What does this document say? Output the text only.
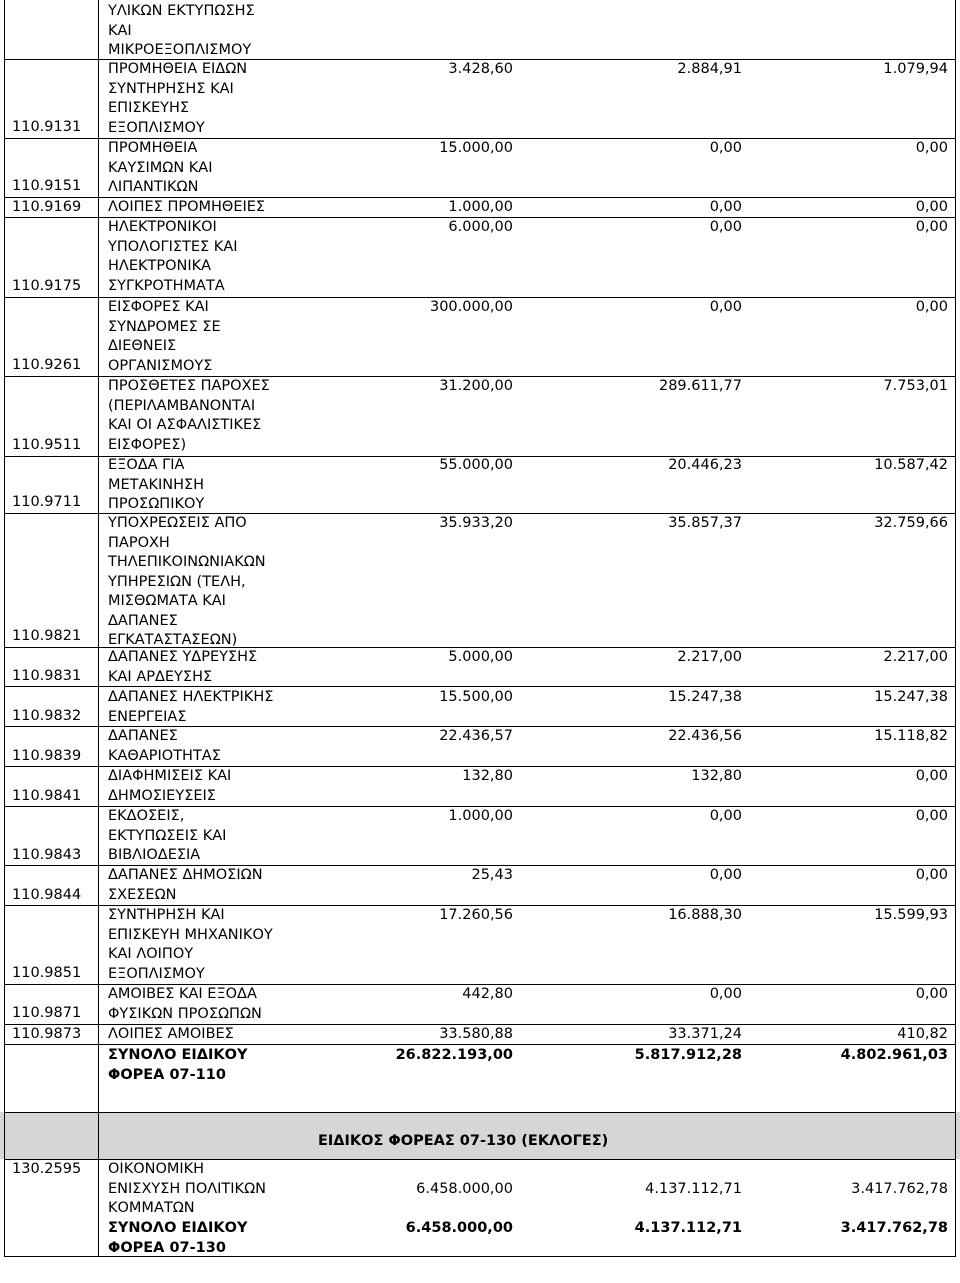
ΥΛΙΚΩΝ ΕΚΤΥΠΩΣΗΣ
ΚΑΙ
ΜΙΚΡΟΕΞΟΠΛΙΣΜΟΥ
110.9131
ΠΡΟΜΗΘΕΙΑ ΕΙΔΩΝ
ΣΥΝΤΗΡΗΣΗΣ ΚΑΙ
ΕΠΙΣΚΕΥΗΣ
ΕΞΟΠΛΙΣΜΟΥ
3.428,60	2.884,91	1.079,94
110.9151
ΠΡΟΜΗΘΕΙΑ
ΚΑΥΣΙΜΩΝ ΚΑΙ
ΛΙΠΑΝΤΙΚΩΝ
15.000,00	0,00	0,00
110.9169 ΛΟΙΠΕΣ ΠΡΟΜΗΘΕΙΕΣ	1.000,00	0,00	0,00
110.9175
ΗΛΕΚΤΡΟΝΙΚΟΙ
ΥΠΟΛΟΓΙΣΤΕΣ ΚΑΙ
ΗΛΕΚΤΡΟΝΙΚΑ
ΣΥΓΚΡΟΤΗΜΑΤΑ
6.000,00	0,00	0,00
110.9261
ΕΙΣΦΟΡΕΣ ΚΑΙ
ΣΥΝΔΡΟΜΕΣ ΣΕ
ΔΙΕΘΝΕΙΣ
ΟΡΓΑΝΙΣΜΟΥΣ
300.000,00	0,00	0,00
110.9511
ΠΡΟΣΘΕΤΕΣ ΠΑΡΟΧΕΣ
(ΠΕΡΙΛΑΜΒΑΝΟΝΤΑΙ
ΚΑΙ ΟΙ ΑΣΦΑΛΙΣΤΙΚΕΣ
ΕΙΣΦΟΡΕΣ)
31.200,00	289.611,77	7.753,01
110.9711
ΕΞΟΔΑ ΓΙΑ
ΜΕΤΑΚΙΝΗΣΗ
ΠΡΟΣΩΠΙΚΟΥ
55.000,00	20.446,23	10.587,42
110.9821
ΥΠΟΧΡΕΩΣΕΙΣ ΑΠΟ
ΠΑΡΟΧΗ
ΤΗΛΕΠΙΚΟΙΝΩΝΙΑΚΩΝ
ΥΠΗΡΕΣΙΩΝ (ΤΕΛΗ,
ΜΙΣΘΩΜΑΤΑ ΚΑΙ
ΔΑΠΑΝΕΣ
ΕΓΚΑΤΑΣΤΑΣΕΩΝ)
35.933,20	35.857,37	32.759,66
110.9831
ΔΑΠΑΝΕΣ ΥΔΡΕΥΣΗΣ
ΚΑΙ ΑΡΔΕΥΣΗΣ
5.000,00	2.217,00	2.217,00
110.9832
ΔΑΠΑΝΕΣ ΗΛΕΚΤΡΙΚΗΣ
ΕΝΕΡΓΕΙΑΣ
15.500,00	15.247,38	15.247,38
110.9839
ΔΑΠΑΝΕΣ
ΚΑΘΑΡΙΟΤΗΤΑΣ
22.436,57	22.436,56	15.118,82
110.9841
ΔΙΑΦΗΜΙΣΕΙΣ ΚΑΙ
ΔΗΜΟΣΙΕΥΣΕΙΣ
132,80	132,80	0,00
110.9843
ΕΚΔΟΣΕΙΣ,
ΕΚΤΥΠΩΣΕΙΣ ΚΑΙ
ΒΙΒΛΙΟΔΕΣΙΑ
1.000,00	0,00	0,00
110.9844
ΔΑΠΑΝΕΣ ΔΗΜΟΣΙΩΝ
ΣΧΕΣΕΩΝ
25,43	0,00	0,00
110.9851
ΣΥΝΤΗΡΗΣΗ ΚΑΙ
ΕΠΙΣΚΕΥΗ ΜΗΧΑΝΙΚΟΥ
ΚΑΙ ΛΟΙΠΟΥ
ΕΞΟΠΛΙΣΜΟΥ
17.260,56	16.888,30	15.599,93
110.9871
ΑΜΟΙΒΕΣ ΚΑΙ ΕΞΟΔΑ
ΦΥΣΙΚΩΝ ΠΡΟΣΩΠΩΝ
442,80	0,00	0,00
110.9873 ΛΟΙΠΕΣ ΑΜΟΙΒΕΣ	33.580,88	33.371,24	410,82
ΣΥΝΟΛΟ ΕΙΔΙΚΟΥ
ΦΟΡΕΑ 07-110
26.822.193,00	5.817.912,28	4.802.961,03
ΕΙΔΙΚΟΣ ΦΟΡΕΑΣ 07-130 (ΕΚΛΟΓΕΣ)
130.2595 ΟΙΚΟΝΟΜΙΚΗ
ΕΝΙΣΧΥΣΗ ΠΟΛΙΤΙΚΩΝ
ΚΟΜΜΑΤΩΝ
6.458.000,00	4.137.112,71	3.417.762,78
ΣΥΝΟΛΟ ΕΙΔΙΚΟΥ
ΦΟΡΕΑ 07-130
6.458.000,00	4.137.112,71	3.417.762,78
